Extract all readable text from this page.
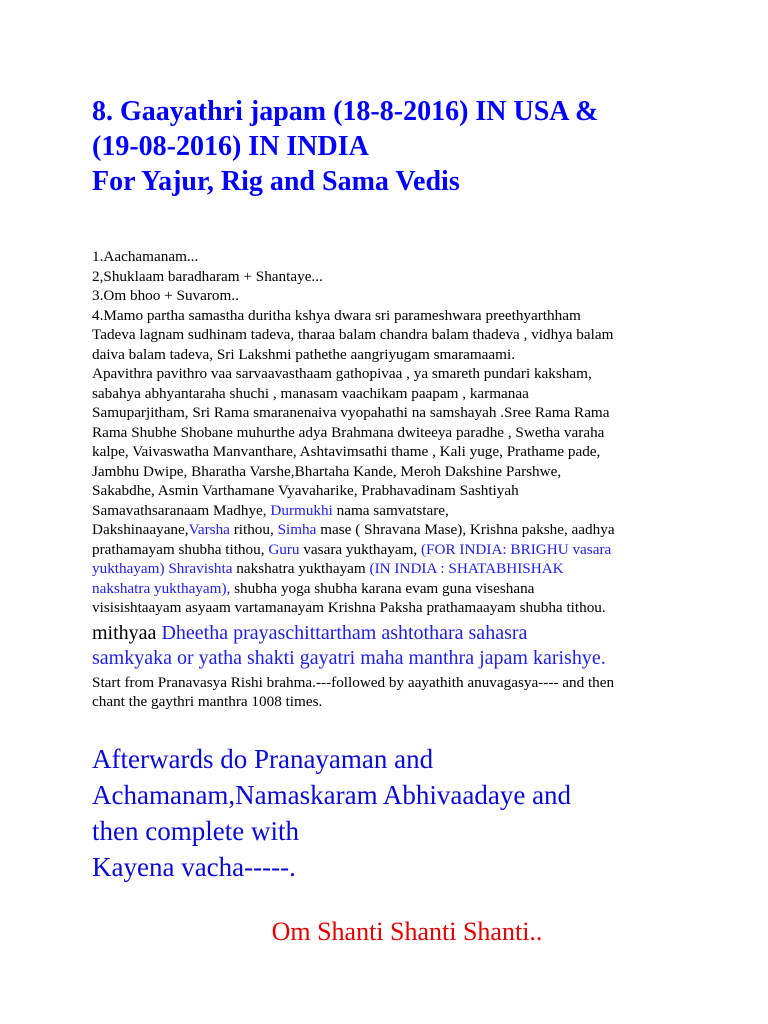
8. Gaayathri japam (18-8-2016) IN USA &
(19-08-2016) IN INDIA
For Yajur, Rig and Sama Vedis
1.Aachamanam...
2,Shuklaam baradharam + Shantaye...
3.Om bhoo + Suvarom..
4.Mamo partha samastha duritha kshya dwara sri parameshwara preethyarthham
Tadeva lagnam sudhinam tadeva, tharaa balam chandra balam thadeva , vidhya balam
daiva balam tadeva, Sri Lakshmi pathethe aangriyugam smaramaami.
Apavithra pavithro vaa sarvaavasthaam gathopivaa , ya smareth pundari kaksham,
sabahya abhyantaraha shuchi , manasam vaachikam paapam , karmanaa
Samuparjitham, Sri Rama smaranenaiva vyopahathi na samshayah .Sree Rama Rama
Rama Shubhe Shobane muhurthe adya Brahmana dwiteeya paradhe , Swetha varaha
kalpe, Vaivaswatha Manvanthare, Ashtavimsathi thame , Kali yuge, Prathame pade,
Jambhu Dwipe, Bharatha Varshe,Bhartaha Kande, Meroh Dakshine Parshwe,
Sakabdhe, Asmin Varthamane Vyavaharike, Prabhavadinam Sashtiyah
Samavathsaranaam Madhye, Durmukhi nama samvatstare,
Dakshinaayane,Varsha rithou, Simha mase ( Shravana Mase), Krishna pakshe, aadhya
prathamayam shubha tithou, Guru vasara yukthayam, (FOR INDIA: BRIGHU vasara
yukthayam) Shravishta nakshatra yukthayam (IN INDIA : SHATABHISHAK
nakshatra yukthayam), shubha yoga shubha karana evam guna viseshana
visisishtaayam asyaam vartamanayam Krishna Paksha prathamaayam shubha tithou.
mithyaa Dheetha prayaschittartham ashtothara sahasra
samkyaka or yatha shakti gayatri maha manthra japam karishye.
Start from Pranavasya Rishi brahma.---followed by aayathith anuvagasya---- and then
chant the gaythri manthra 1008 times.
Afterwards do Pranayaman and
Achamanam,Namaskaram Abhivaadaye and
then complete with
Kayena vacha-----.
Om Shanti Shanti Shanti..
